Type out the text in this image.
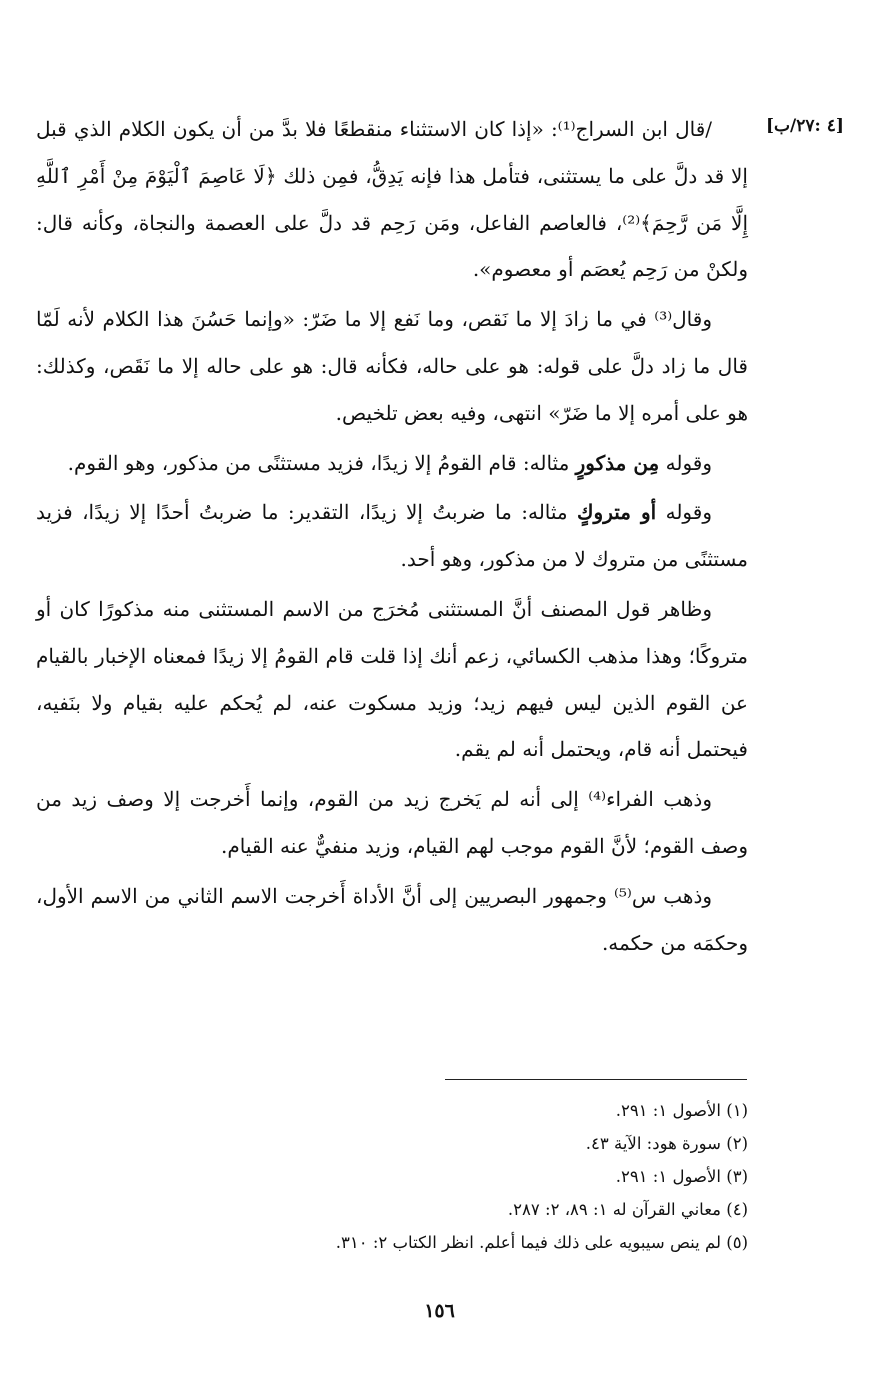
[٤ :٢٧/ب]

/قال ابن السراج⁽¹⁾: «إذا كان الاستثناء منقطعًا فلا بدَّ من أن يكون الكلام الذي قبل إلا قد دلَّ على ما يستثنى، فتأمل هذا فإنه يَدِقُّ، فمِن ذلك ﴿لَا عَاصِمَ ٱلْيَوْمَ مِنْ أَمْرِ ٱللَّهِ إِلَّا مَن رَّحِمَ﴾⁽²⁾، فالعاصم الفاعل، ومَن رَحِم قد دلَّ على العصمة والنجاة، وكأنه قال: ولكنْ من رَحِم يُعصَم أو معصوم».

وقال⁽³⁾ في ما زادَ إلا ما نَقص، وما نَفع إلا ما ضَرّ: «وإنما حَسُنَ هذا الكلام لأنه لَمّا قال ما زاد دلَّ على قوله: هو على حاله، فكأنه قال: هو على حاله إلا ما نَقَص، وكذلك: هو على أمره إلا ما ضَرّ» انتهى، وفيه بعض تلخيص.

وقوله مِن مذكورٍ مثاله: قام القومُ إلا زيدًا، فزيد مستثنًى من مذكور، وهو القوم.

وقوله أو متروكٍ مثاله: ما ضربتُ إلا زيدًا، التقدير: ما ضربتُ أحدًا إلا زيدًا، فزيد مستثنًى من متروك لا من مذكور، وهو أحد.

وظاهر قول المصنف أنَّ المستثنى مُخرَج من الاسم المستثنى منه مذكورًا كان أو متروكًا؛ وهذا مذهب الكسائي، زعم أنك إذا قلت قام القومُ إلا زيدًا فمعناه الإخبار بالقيام عن القوم الذين ليس فيهم زيد؛ وزيد مسكوت عنه، لم يُحكم عليه بقيام ولا بنَفيه، فيحتمل أنه قام، ويحتمل أنه لم يقم.

وذهب الفراء⁽⁴⁾ إلى أنه لم يَخرج زيد من القوم، وإنما أَخرجت إلا وصف زيد من وصف القوم؛ لأنَّ القوم موجب لهم القيام، وزيد منفيٌّ عنه القيام.

وذهب س⁽⁵⁾ وجمهور البصريين إلى أنَّ الأداة أَخرجت الاسم الثاني من الاسم الأول، وحكمَه من حكمه.

(١) الأصول ١: ٢٩١.
(٢) سورة هود: الآية ٤٣.
(٣) الأصول ١: ٢٩١.
(٤) معاني القرآن له ١: ٨٩، ٢: ٢٨٧.
(٥) لم ينص سيبويه على ذلك فيما أعلم. انظر الكتاب ٢: ٣١٠.
١٥٦
